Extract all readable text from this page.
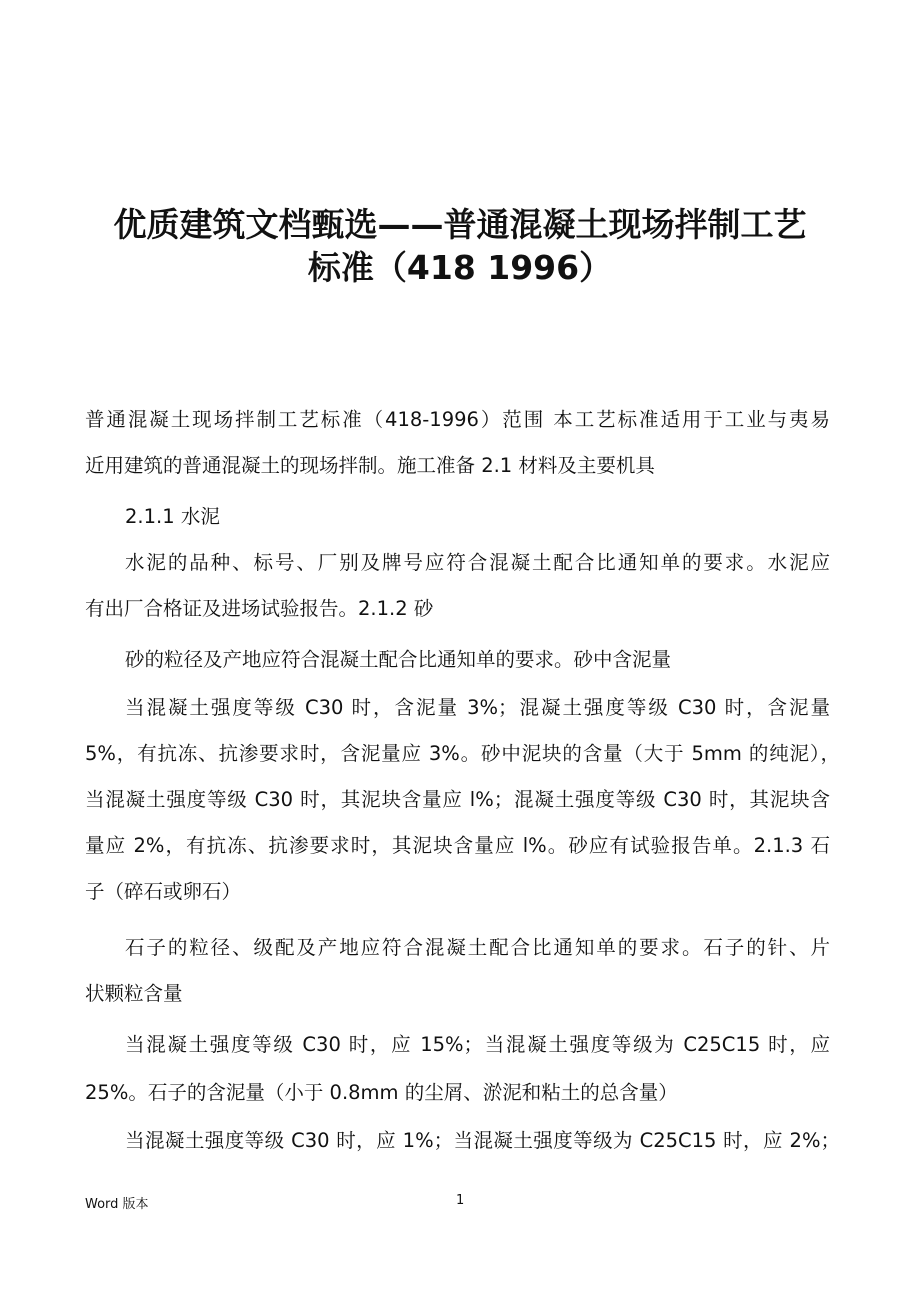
优质建筑文档甄选——普通混凝土现场拌制工艺
标准（418 1996）
普通混凝土现场拌制工艺标准（418-1996）范围 本工艺标准适用于工业与夷易
近用建筑的普通混凝土的现场拌制。施工准备 2.1 材料及主要机具
2.1.1 水泥
水泥的品种、标号、厂别及牌号应符合混凝土配合比通知单的要求。水泥应
有出厂合格证及进场试验报告。2.1.2 砂
砂的粒径及产地应符合混凝土配合比通知单的要求。砂中含泥量
当混凝土强度等级 C30 时，含泥量 3%；混凝土强度等级 C30 时，含泥量
5%，有抗冻、抗渗要求时，含泥量应 3%。砂中泥块的含量（大于 5mm 的纯泥），
当混凝土强度等级 C30 时，其泥块含量应 l%；混凝土强度等级 C30 时，其泥块含
量应 2%，有抗冻、抗渗要求时，其泥块含量应 l%。砂应有试验报告单。2.1.3 石
子（碎石或卵石）
石子的粒径、级配及产地应符合混凝土配合比通知单的要求。石子的针、片
状颗粒含量
当混凝土强度等级 C30 时，应 15%；当混凝土强度等级为 C25C15 时，应
25%。石子的含泥量（小于 0.8mm 的尘屑、淤泥和粘土的总含量）
当混凝土强度等级 C30 时，应 1%；当混凝土强度等级为 C25C15 时，应 2%；
Word 版本	1
